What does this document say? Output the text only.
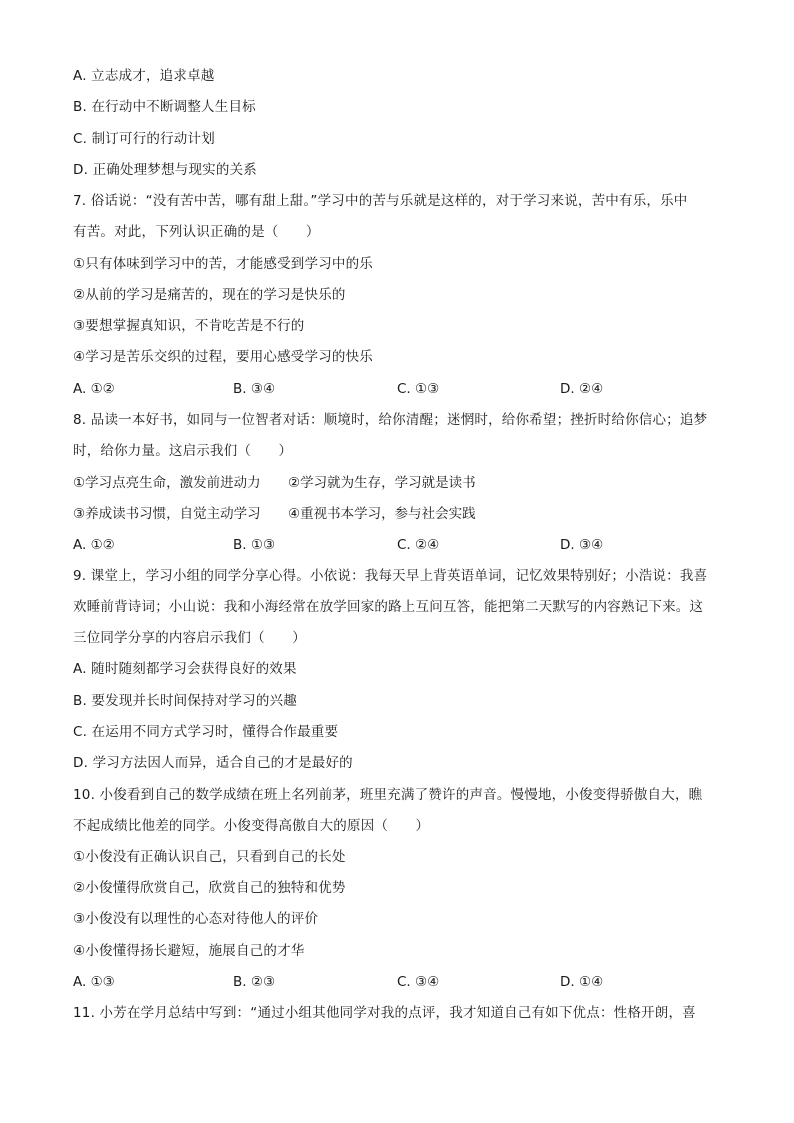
A. 立志成才，追求卓越
B. 在行动中不断调整人生目标
C. 制订可行的行动计划
D. 正确处理梦想与现实的关系
7. 俗话说：“没有苦中苦，哪有甜上甜。”学习中的苦与乐就是这样的，对于学习来说，苦中有乐，乐中
有苦。对此，下列认识正确的是（　　）
①只有体味到学习中的苦，才能感受到学习中的乐
②从前的学习是痛苦的，现在的学习是快乐的
③要想掌握真知识，不肯吃苦是不行的
④学习是苦乐交织的过程，要用心感受学习的快乐
A. ①②	B. ③④	C. ①③	D. ②④
8. 品读一本好书，如同与一位智者对话：顺境时，给你清醒；迷惘时，给你希望；挫折时给你信心；追梦
时，给你力量。这启示我们（　　）
①学习点亮生命，激发前进动力 ②学习就为生存，学习就是读书
③养成读书习惯，自觉主动学习 ④重视书本学习，参与社会实践
A. ①②	B. ①③	C. ②④	D. ③④
9. 课堂上，学习小组的同学分享心得。小依说：我每天早上背英语单词，记忆效果特别好；小浩说：我喜
欢睡前背诗词；小山说：我和小海经常在放学回家的路上互问互答，能把第二天默写的内容熟记下来。这
三位同学分享的内容启示我们（　　）
A. 随时随刻都学习会获得良好的效果
B. 要发现并长时间保持对学习的兴趣
C. 在运用不同方式学习时，懂得合作最重要
D. 学习方法因人而异，适合自己的才是最好的
10. 小俊看到自己的数学成绩在班上名列前茅，班里充满了赞许的声音。慢慢地，小俊变得骄傲自大，瞧
不起成绩比他差的同学。小俊变得高傲自大的原因（　　）
①小俊没有正确认识自己，只看到自己的长处
②小俊懂得欣赏自己，欣赏自己的独特和优势
③小俊没有以理性的心态对待他人的评价
④小俊懂得扬长避短，施展自己的才华
A. ①③	B. ②③	C. ③④	D. ①④
11. 小芳在学月总结中写到：“通过小组其他同学对我的点评，我才知道自己有如下优点：性格开朗，喜
